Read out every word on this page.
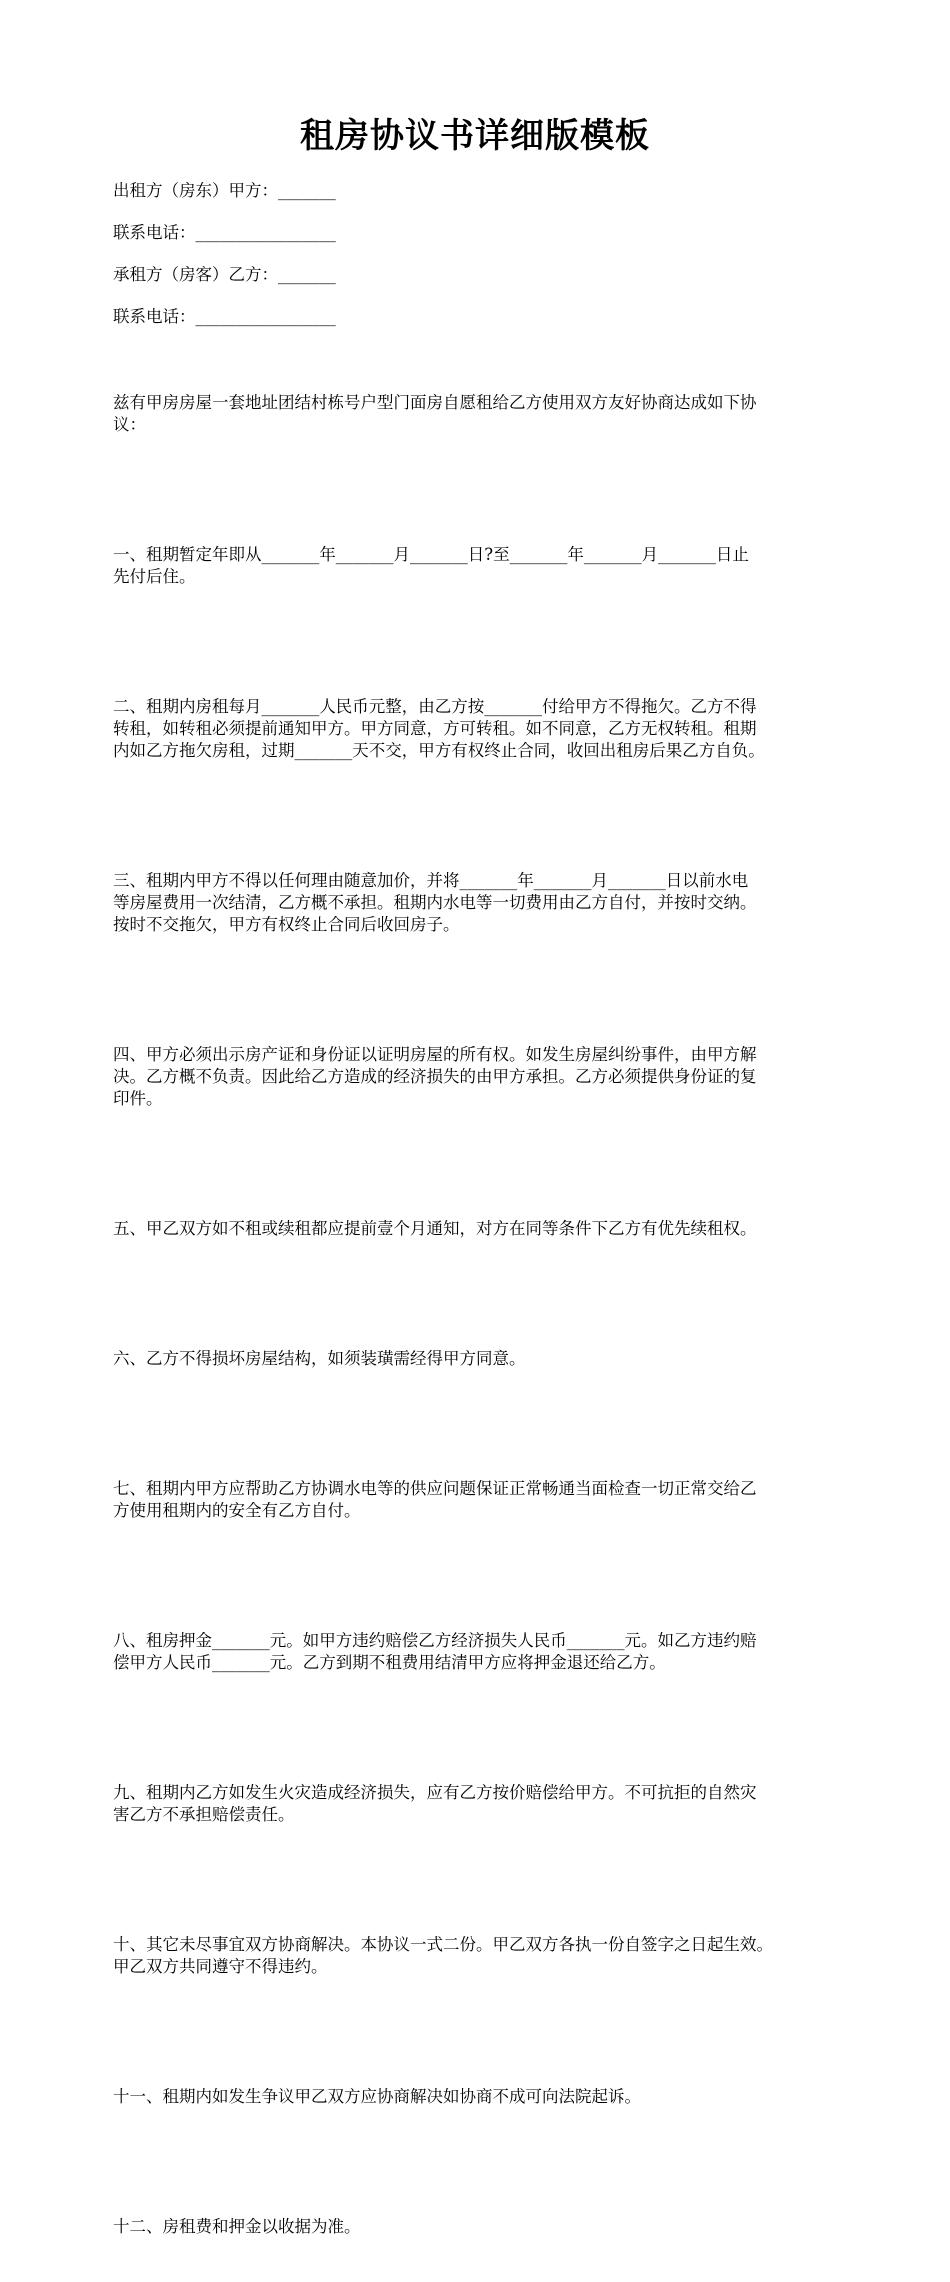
租房协议书详细版模板

出租方（房东）甲方：_______

联系电话：_________________

承租方（房客）乙方：_______

联系电话：_________________

兹有甲房房屋一套地址团结村栋号户型门面房自愿租给乙方使用双方友好协商达成如下协
议：

一、租期暂定年即从_______年_______月_______日?至_______年_______月_______日止
先付后住。

二、租期内房租每月_______人民币元整，由乙方按_______付给甲方不得拖欠。乙方不得
转租，如转租必须提前通知甲方。甲方同意，方可转租。如不同意，乙方无权转租。租期
内如乙方拖欠房租，过期_______天不交，甲方有权终止合同，收回出租房后果乙方自负。

三、租期内甲方不得以任何理由随意加价，并将_______年_______月_______日以前水电
等房屋费用一次结清，乙方概不承担。租期内水电等一切费用由乙方自付，并按时交纳。
按时不交拖欠，甲方有权终止合同后收回房子。

四、甲方必须出示房产证和身份证以证明房屋的所有权。如发生房屋纠纷事件，由甲方解
决。乙方概不负责。因此给乙方造成的经济损失的由甲方承担。乙方必须提供身份证的复
印件。

五、甲乙双方如不租或续租都应提前壹个月通知，对方在同等条件下乙方有优先续租权。

六、乙方不得损坏房屋结构，如须装璜需经得甲方同意。

七、租期内甲方应帮助乙方协调水电等的供应问题保证正常畅通当面检查一切正常交给乙
方使用租期内的安全有乙方自付。

八、租房押金_______元。如甲方违约赔偿乙方经济损失人民币_______元。如乙方违约赔
偿甲方人民币_______元。乙方到期不租费用结清甲方应将押金退还给乙方。

九、租期内乙方如发生火灾造成经济损失，应有乙方按价赔偿给甲方。不可抗拒的自然灾
害乙方不承担赔偿责任。

十、其它未尽事宜双方协商解决。本协议一式二份。甲乙双方各执一份自签字之日起生效。
甲乙双方共同遵守不得违约。

十一、租期内如发生争议甲乙双方应协商解决如协商不成可向法院起诉。

十二、房租费和押金以收据为准。
